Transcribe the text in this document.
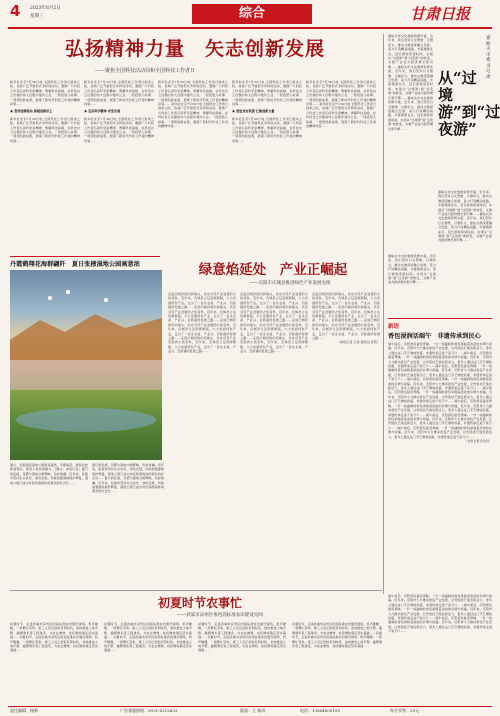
4 2023年8月2日
星期三	综合	甘肃日报
弘扬精神力量　矢志创新发展
——聚焦全国科技活动周和全国科技工作者日
新华社北京7月30日电 全国科技工作者日到来之际，各地广泛开展形式多样的活动，激励广大科技工作者弘扬科学家精神，勇攀科技高峰，在科技自立自强的伟大征程中建功立业。一段段感人故事、一项项创新成果，展现了新时代科技工作者的精神风貌……
★ 坚持创新驱动 厚植创新沃土
新华社北京7月30日电 全国科技工作者日到来之际，各地广泛开展形式多样的活动，激励广大科技工作者弘扬科学家精神，勇攀科技高峰，在科技自立自强的伟大征程中建功立业。一段段感人故事、一项项创新成果，展现了新时代科技工作者的精神风貌……
新华社北京7月30日电 全国科技工作者日到来之际，各地广泛开展形式多样的活动，激励广大科技工作者弘扬科学家精神，勇攀科技高峰，在科技自立自强的伟大征程中建功立业。一段段感人故事、一项项创新成果，展现了新时代科技工作者的精神风貌……
★ 弘扬科学精神 攻坚克难
新华社北京7月30日电 全国科技工作者日到来之际，各地广泛开展形式多样的活动，激励广大科技工作者弘扬科学家精神，勇攀科技高峰，在科技自立自强的伟大征程中建功立业。一段段感人故事、一项项创新成果，展现了新时代科技工作者的精神风貌……
新华社北京7月30日电 全国科技工作者日到来之际，各地广泛开展形式多样的活动，激励广大科技工作者弘扬科学家精神，勇攀科技高峰，在科技自立自强的伟大征程中建功立业。一段段感人故事、一项项创新成果，展现了新时代科技工作者的精神风貌…… 新华社北京7月30日电 全国科技工作者日到来之际，各地广泛开展形式多样的活动，激励广大科技工作者弘扬科学家精神，勇攀科技高峰，在科技自立自强的伟大征程中建功立业。一段段感人故事、一项项创新成果，展现了新时代科技工作者的精神风貌……
新华社北京7月30日电 全国科技工作者日到来之际，各地广泛开展形式多样的活动，激励广大科技工作者弘扬科学家精神，勇攀科技高峰，在科技自立自强的伟大征程中建功立业。一段段感人故事、一项项创新成果，展现了新时代科技工作者的精神风貌……
★ 营造良好氛围 汇聚创新力量
新华社北京7月30日电 全国科技工作者日到来之际，各地广泛开展形式多样的活动，激励广大科技工作者弘扬科学家精神，勇攀科技高峰，在科技自立自强的伟大征程中建功立业。一段段感人故事、一项项创新成果，展现了新时代科技工作者的精神风貌……
新华社北京7月30日电 全国科技工作者日到来之际，各地广泛开展形式多样的活动，激励广大科技工作者弘扬科学家精神，勇攀科技高峰，在科技自立自强的伟大征程中建功立业。一段段感人故事、一项项创新成果，展现了新时代科技工作者的精神风貌…… 新华社北京7月30日电 全国科技工作者日到来之际，各地广泛开展形式多样的活动，激励广大科技工作者弘扬科学家精神，勇攀科技高峰，在科技自立自强的伟大征程中建功立业。一段段感人故事、一项项创新成果，展现了新时代科技工作者的精神风貌……
嘉峪关市文化旅游资源丰富，近年来，我们坚持以文塑旅、以旅彰文，推动文旅深度融合发展，着力打造精品线路，丰富旅游业态，延长游客停留时间，实现从“过境游”到“过夜游”的转变，文旅产业成为经济增长新引擎……嘉峪关市文化旅游资源丰富，近年来，我们坚持以文塑旅、以旅彰文，推动文旅深度融合发展，着力打造精品线路，丰富旅游业态，延长游客停留时间，实现从“过境游”到“过夜游”的转变，文旅产业成为经济增长新引擎……嘉峪关市文化旅游资源丰富，近年来，我们坚持以文塑旅、以旅彰文，推动文旅深度融合发展，着力打造精品线路，丰富旅游业态，延长游客停留时间，实现从“过境游”到“过夜游”的转变，文旅产业成为经济增长新引擎……
嘉峪关市委书记谈
从“过境游”到“过夜游”
嘉峪关市文化旅游资源丰富，近年来，我们坚持以文塑旅、以旅彰文，推动文旅深度融合发展，着力打造精品线路，丰富旅游业态，延长游客停留时间，实现从“过境游”到“过夜游”的转变，文旅产业成为经济增长新引擎……嘉峪关市文化旅游资源丰富，近年来，我们坚持以文塑旅、以旅彰文，推动文旅深度融合发展，着力打造精品线路，丰富旅游业态，延长游客停留时间，实现从“过境游”到“过夜游”的转变，文旅产业成为经济增长新引擎……
嘉峪关市文化旅游资源丰富，近年来，我们坚持以文塑旅、以旅彰文，推动文旅深度融合发展，着力打造精品线路，丰富旅游业态，延长游客停留时间，实现从“过境游”到“过夜游”的转变，文旅产业成为经济增长新引擎……
丹霞鹤翔花海群翩阡　夏日张掖湿地公园画意浓
夏日，张掖国家湿地公园绿意盎然，鸟翔鱼跃，游客在此休闲观光，感受大自然的魅力。（图文：本报记者）夏日的张掖，丹霞与湿地交相辉映，色彩斑斓。近年来，张掖市坚持生态优先、绿色发展，持续加强湿地保护修复，湿地公园已成为市民和游客休闲观光的好去处……
夏日的张掖，丹霞与湿地交相辉映，色彩斑斓。近年来，张掖市坚持生态优先、绿色发展，持续加强湿地保护修复，湿地公园已成为市民和游客休闲观光的好去处……夏日的张掖，丹霞与湿地交相辉映，色彩斑斓。近年来，张掖市坚持生态优先、绿色发展，持续加强湿地保护修复，湿地公园已成为市民和游客休闲观光的好去处……
绿意焰延处　产业正崛起
——庆阳市庆城县推进绿色产业发展见闻
走进庆城县的田间地头，处处可见产业发展的火热景象。近年来，庆城县立足资源禀赋，大力发展特色产业，走出了一条生态美、产业兴、百姓富的发展之路……走进庆城县的田间地头，处处可见产业发展的火热景象。近年来，庆城县立足资源禀赋，大力发展特色产业，走出了一条生态美、产业兴、百姓富的发展之路……走进庆城县的田间地头，处处可见产业发展的火热景象。近年来，庆城县立足资源禀赋，大力发展特色产业，走出了一条生态美、产业兴、百姓富的发展之路……走进庆城县的田间地头，处处可见产业发展的火热景象。近年来，庆城县立足资源禀赋，大力发展特色产业，走出了一条生态美、产业兴、百姓富的发展之路……
走进庆城县的田间地头，处处可见产业发展的火热景象。近年来，庆城县立足资源禀赋，大力发展特色产业，走出了一条生态美、产业兴、百姓富的发展之路……走进庆城县的田间地头，处处可见产业发展的火热景象。近年来，庆城县立足资源禀赋，大力发展特色产业，走出了一条生态美、产业兴、百姓富的发展之路……走进庆城县的田间地头，处处可见产业发展的火热景象。近年来，庆城县立足资源禀赋，大力发展特色产业，走出了一条生态美、产业兴、百姓富的发展之路……走进庆城县的田间地头，处处可见产业发展的火热景象。近年来，庆城县立足资源禀赋，大力发展特色产业，走出了一条生态美、产业兴、百姓富的发展之路……
走进庆城县的田间地头，处处可见产业发展的火热景象。近年来，庆城县立足资源禀赋，大力发展特色产业，走出了一条生态美、产业兴、百姓富的发展之路……走进庆城县的田间地头，处处可见产业发展的火热景象。近年来，庆城县立足资源禀赋，大力发展特色产业，走出了一条生态美、产业兴、百姓富的发展之路……走进庆城县的田间地头，处处可见产业发展的火热景象。近年来，庆城县立足资源禀赋，大力发展特色产业，走出了一条生态美、产业兴、百姓富的发展之路……
（本报记者 王斌 通讯员 李莉）
新语
香包浸润话端午　非遗传承到民心
端午前后，庆阳香包备受青睐。一针一线缝制的香包承载着浓浓的乡情与祝福。近年来，庆阳市大力推动香包产业发展，让传统技艺焕发新活力，更多人通过这门手艺增收致富，非遗传承走进千家万户……端午前后，庆阳香包备受青睐。一针一线缝制的香包承载着浓浓的乡情与祝福。近年来，庆阳市大力推动香包产业发展，让传统技艺焕发新活力，更多人通过这门手艺增收致富，非遗传承走进千家万户……端午前后，庆阳香包备受青睐。一针一线缝制的香包承载着浓浓的乡情与祝福。近年来，庆阳市大力推动香包产业发展，让传统技艺焕发新活力，更多人通过这门手艺增收致富，非遗传承走进千家万户……端午前后，庆阳香包备受青睐。一针一线缝制的香包承载着浓浓的乡情与祝福。近年来，庆阳市大力推动香包产业发展，让传统技艺焕发新活力，更多人通过这门手艺增收致富，非遗传承走进千家万户……端午前后，庆阳香包备受青睐。一针一线缝制的香包承载着浓浓的乡情与祝福。近年来，庆阳市大力推动香包产业发展，让传统技艺焕发新活力，更多人通过这门手艺增收致富，非遗传承走进千家万户……端午前后，庆阳香包备受青睐。一针一线缝制的香包承载着浓浓的乡情与祝福。近年来，庆阳市大力推动香包产业发展，让传统技艺焕发新活力，更多人通过这门手艺增收致富，非遗传承走进千家万户……端午前后，庆阳香包备受青睐。一针一线缝制的香包承载着浓浓的乡情与祝福。近年来，庆阳市大力推动香包产业发展，让传统技艺焕发新活力，更多人通过这门手艺增收致富，非遗传承走进千家万户……端午前后，庆阳香包备受青睐。一针一线缝制的香包承载着浓浓的乡情与祝福。近年来，庆阳市大力推动香包产业发展，让传统技艺焕发新活力，更多人通过这门手艺增收致富，非遗传承走进千家万户……
（甘肃日报评论员）
初夏时节农事忙
——武威市凉州区推进高标准农田建设见闻
初夏时节，走进武威市凉州区的高标准农田建设现场，机声隆隆，一派繁忙景象。施工人员正抢抓有利时机，加快推进土地平整、灌溉渠系等工程建设，为农业增效、农民增收奠定坚实基础……初夏时节，走进武威市凉州区的高标准农田建设现场，机声隆隆，一派繁忙景象。施工人员正抢抓有利时机，加快推进土地平整、灌溉渠系等工程建设，为农业增效、农民增收奠定坚实基础……
初夏时节，走进武威市凉州区的高标准农田建设现场，机声隆隆，一派繁忙景象。施工人员正抢抓有利时机，加快推进土地平整、灌溉渠系等工程建设，为农业增效、农民增收奠定坚实基础……初夏时节，走进武威市凉州区的高标准农田建设现场，机声隆隆，一派繁忙景象。施工人员正抢抓有利时机，加快推进土地平整、灌溉渠系等工程建设，为农业增效、农民增收奠定坚实基础……
初夏时节，走进武威市凉州区的高标准农田建设现场，机声隆隆，一派繁忙景象。施工人员正抢抓有利时机，加快推进土地平整、灌溉渠系等工程建设，为农业增效、农民增收奠定坚实基础……初夏时节，走进武威市凉州区的高标准农田建设现场，机声隆隆，一派繁忙景象。施工人员正抢抓有利时机，加快推进土地平整、灌溉渠系等工程建设，为农业增效、农民增收奠定坚实基础……
初夏时节，走进武威市凉州区的高标准农田建设现场，机声隆隆，一派繁忙景象。施工人员正抢抓有利时机，加快推进土地平整、灌溉渠系等工程建设，为农业增效、农民增收奠定坚实基础……初夏时节，走进武威市凉州区的高标准农田建设现场，机声隆隆，一派繁忙景象。施工人员正抢抓有利时机，加快推进土地平整、灌溉渠系等工程建设，为农业增效、农民增收奠定坚实基础……
端午前后，庆阳香包备受青睐。一针一线缝制的香包承载着浓浓的乡情与祝福。近年来，庆阳市大力推动香包产业发展，让传统技艺焕发新活力，更多人通过这门手艺增收致富，非遗传承走进千家万户……端午前后，庆阳香包备受青睐。一针一线缝制的香包承载着浓浓的乡情与祝福。近年来，庆阳市大力推动香包产业发展，让传统技艺焕发新活力，更多人通过这门手艺增收致富，非遗传承走进千家万户……端午前后，庆阳香包备受青睐。一针一线缝制的香包承载着浓浓的乡情与祝福。近年来，庆阳市大力推动香包产业发展，让传统技艺焕发新活力，更多人通过这门手艺增收致富，非遗传承走进千家万户……
责任编辑：杨新	广告客服热线：0931-8212653	版面：王 新雨	电话：13884000100	每月零售：29元
